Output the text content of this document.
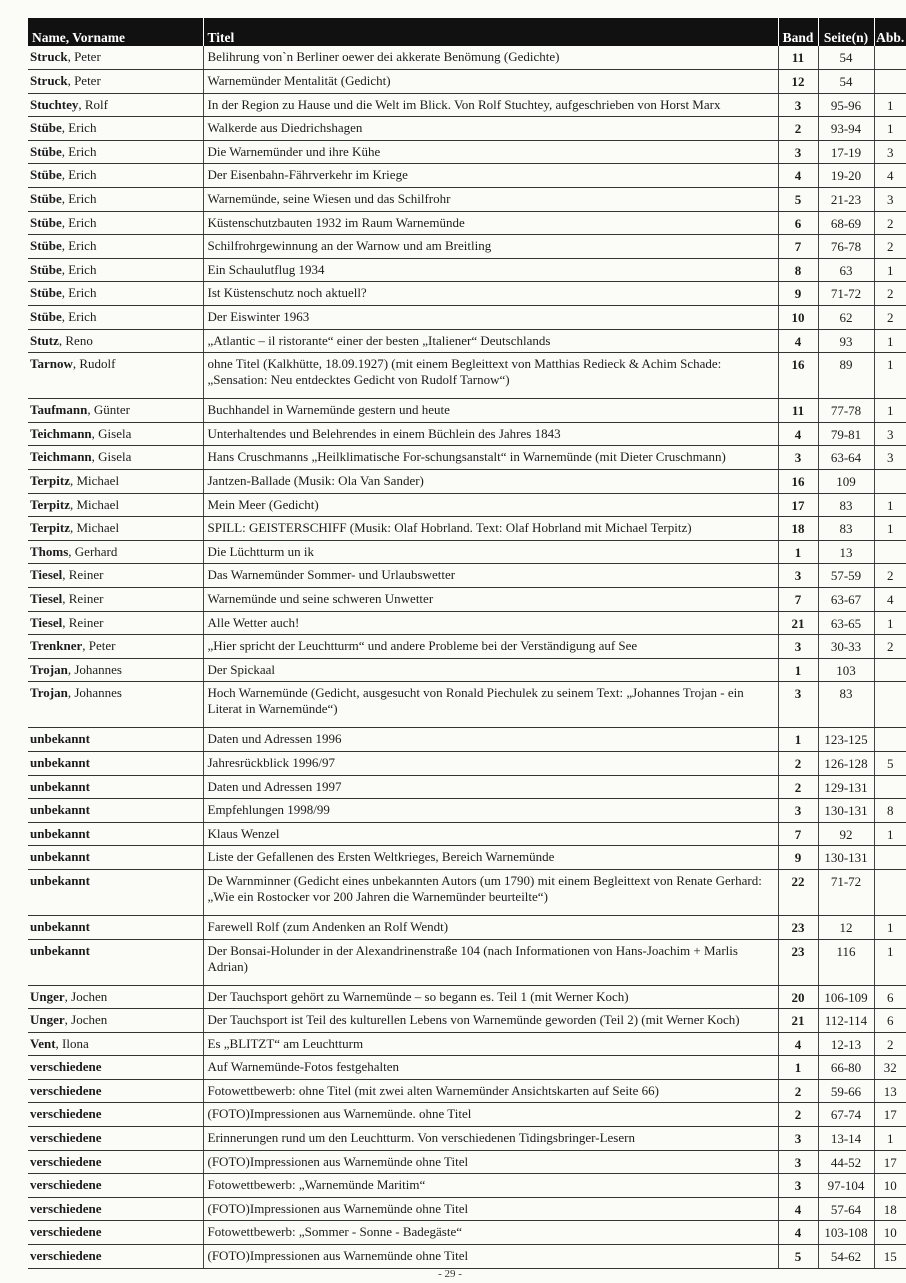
Name, Vorname	Titel	Band	Seite(n)	Abb.
Struck, Peter	Belihrung von`n Berliner oewer dei akkerate Benömung (Gedichte)	11	54	
Struck, Peter	Warnemünder Mentalität (Gedicht)	12	54	
Stuchtey, Rolf	In der Region zu Hause und die Welt im Blick. Von Rolf Stuchtey, aufgeschrieben von Horst Marx	3	95-96	1
Stübe, Erich	Walkerde aus Diedrichshagen	2	93-94	1
Stübe, Erich	Die Warnemünder und ihre Kühe	3	17-19	3
Stübe, Erich	Der Eisenbahn-Fährverkehr im Kriege	4	19-20	4
Stübe, Erich	Warnemünde, seine Wiesen und das Schilfrohr	5	21-23	3
Stübe, Erich	Küstenschutzbauten 1932 im Raum Warnemünde	6	68-69	2
Stübe, Erich	Schilfrohrgewinnung an der Warnow und am Breitling	7	76-78	2
Stübe, Erich	Ein Schaulutflug 1934	8	63	1
Stübe, Erich	Ist Küstenschutz noch aktuell?	9	71-72	2
Stübe, Erich	Der Eiswinter 1963	10	62	2
Stutz, Reno	„Atlantic – il ristorante“ einer der besten „Italiener“ Deutschlands	4	93	1
Tarnow, Rudolf	ohne Titel (Kalkhütte, 18.09.1927) (mit einem Begleittext von Matthias Redieck & Achim Schade: „Sensation: Neu entdecktes Gedicht von Rudolf Tarnow“)	16	89	1
Taufmann, Günter	Buchhandel in Warnemünde gestern und heute	11	77-78	1
Teichmann, Gisela	Unterhaltendes und Belehrendes in einem Büchlein des Jahres 1843	4	79-81	3
Teichmann, Gisela	Hans Cruschmanns „Heilklimatische For-schungsanstalt“ in Warnemünde (mit Dieter Cruschmann)	3	63-64	3
Terpitz, Michael	Jantzen-Ballade (Musik: Ola Van Sander)	16	109	
Terpitz, Michael	Mein Meer (Gedicht)	17	83	1
Terpitz, Michael	SPILL: GEISTERSCHIFF (Musik: Olaf Hobrland. Text: Olaf Hobrland mit Michael Terpitz)	18	83	1
Thoms, Gerhard	Die Lüchtturm un ik	1	13	
Tiesel, Reiner	Das Warnemünder Sommer- und Urlaubswetter	3	57-59	2
Tiesel, Reiner	Warnemünde und seine schweren Unwetter	7	63-67	4
Tiesel, Reiner	Alle Wetter auch!	21	63-65	1
Trenkner, Peter	„Hier spricht der Leuchtturm“ und andere Probleme bei der Verständigung auf See	3	30-33	2
Trojan, Johannes	Der Spickaal	1	103	
Trojan, Johannes	Hoch Warnemünde (Gedicht, ausgesucht von Ronald Piechulek zu seinem Text: „Johannes Trojan - ein Literat in Warnemünde“)	3	83	
unbekannt	Daten und Adressen 1996	1	123-125	
unbekannt	Jahresrückblick 1996/97	2	126-128	5
unbekannt	Daten und Adressen 1997	2	129-131	
unbekannt	Empfehlungen 1998/99	3	130-131	8
unbekannt	Klaus Wenzel	7	92	1
unbekannt	Liste der Gefallenen des Ersten Weltkrieges, Bereich Warnemünde	9	130-131	
unbekannt	De Warnminner (Gedicht eines unbekannten Autors (um 1790) mit einem Begleittext von Renate Gerhard: „Wie ein Rostocker vor 200 Jahren die Warnemünder beurteilte“)	22	71-72	
unbekannt	Farewell Rolf (zum Andenken an Rolf Wendt)	23	12	1
unbekannt	Der Bonsai-Holunder in der Alexandrinenstraße 104 (nach Informationen von Hans-Joachim + Marlis Adrian)	23	116	1
Unger, Jochen	Der Tauchsport gehört zu Warnemünde – so begann es. Teil 1 (mit Werner Koch)	20	106-109	6
Unger, Jochen	Der Tauchsport ist Teil des kulturellen Lebens von Warnemünde geworden (Teil 2) (mit Werner Koch)	21	112-114	6
Vent, Ilona	Es „BLITZT“ am Leuchtturm	4	12-13	2
verschiedene	Auf Warnemünde-Fotos festgehalten	1	66-80	32
verschiedene	Fotowettbewerb: ohne Titel (mit zwei alten Warnemünder Ansichtskarten auf Seite 66)	2	59-66	13
verschiedene	(FOTO)Impressionen aus Warnemünde. ohne Titel	2	67-74	17
verschiedene	Erinnerungen rund um den Leuchtturm. Von verschiedenen Tidingsbringer-Lesern	3	13-14	1
verschiedene	(FOTO)Impressionen aus Warnemünde ohne Titel	3	44-52	17
verschiedene	Fotowettbewerb: „Warnemünde Maritim“	3	97-104	10
verschiedene	(FOTO)Impressionen aus Warnemünde ohne Titel	4	57-64	18
verschiedene	Fotowettbewerb: „Sommer - Sonne - Badegäste“	4	103-108	10
verschiedene	(FOTO)Impressionen aus Warnemünde ohne Titel	5	54-62	15
- 29 -
